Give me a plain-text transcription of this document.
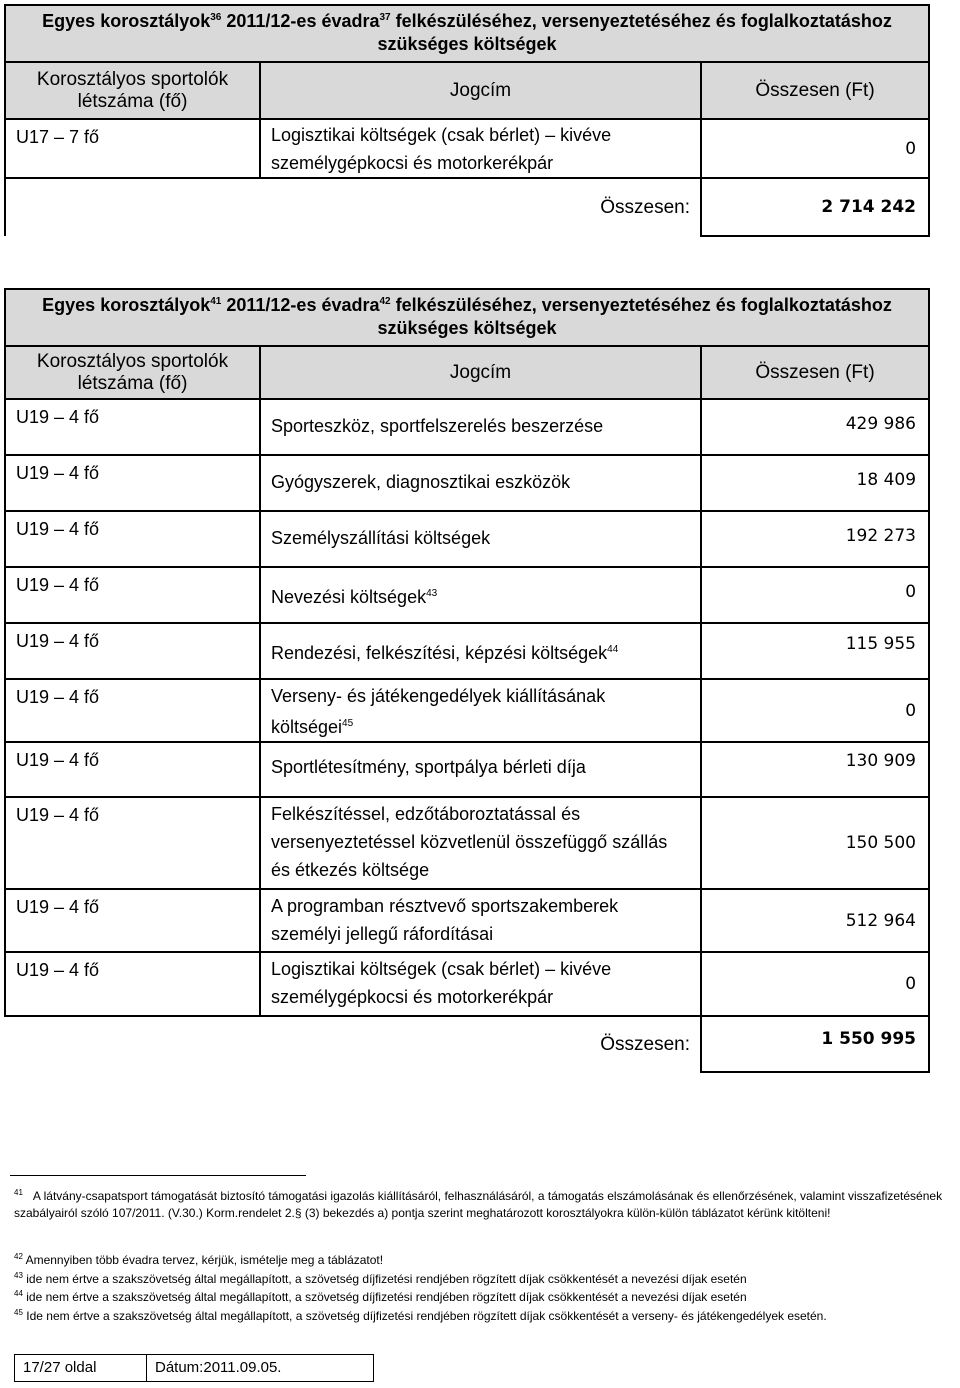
Egyes korosztályok$^{36}$ 2011/12-es évadra$^{37}$ felkészüléséhez, versenyeztetéséhez és foglalkoztatáshoz
szükséges költségek		
Korosztályos sportolók
létszáma (fő)	Jogcím	Összesen (Ft)
U17 – 7 fő	Logisztikai költségek (csak bérlet) – kivéve
személygépkocsi és motorkerékpár	0
	Összesen:	2 714 242
Egyes korosztályok$^{41}$ 2011/12-es évadra$^{42}$ felkészüléséhez, versenyeztetéséhez és foglalkoztatáshoz
szükséges költségek		
Korosztályos sportolók
létszáma (fő)	Jogcím	Összesen (Ft)
U19 – 4 fő	Sporteszköz, sportfelszerelés beszerzése	429 986
U19 – 4 fő	Gyógyszerek, diagnosztikai eszközök	18 409
U19 – 4 fő	Személyszállítási költségek	192 273
U19 – 4 fő	Nevezési költségek$^{43}$	0
U19 – 4 fő	Rendezési, felkészítési, képzési költségek$^{44}$	115 955
U19 – 4 fő	Verseny- és játékengedélyek kiállításának
költségei$^{45}$	0
U19 – 4 fő	Sportlétesítmény, sportpálya bérleti díja	130 909
U19 – 4 fő	Felkészítéssel, edzőtáboroztatással és
versenyeztetéssel közvetlenül összefüggő szállás
és étkezés költsége	150 500
U19 – 4 fő	A programban résztvevő sportszakemberek
személyi jellegű ráfordításai	512 964
U19 – 4 fő	Logisztikai költségek (csak bérlet) – kivéve
személygépkocsi és motorkerékpár	0
	Összesen:	1 550 995
$^{41}$ A látvány-csapatsport támogatását biztosító támogatási igazolás kiállításáról, felhasználásáról, a támogatás elszámolásának és ellenőrzésének, valamint visszafizetésének szabályairól szóló 107/2011. (V.30.) Korm.rendelet 2.§ (3) bekezdés a) pontja szerint meghatározott korosztályokra külön-külön táblázatot kérünk kitölteni!
$^{42}$ Amennyiben több évadra tervez, kérjük, ismételje meg a táblázatot!
$^{43}$ ide nem értve a szakszövetség által megállapított, a szövetség díjfizetési rendjében rögzített díjak csökkentését a nevezési díjak esetén
$^{44}$ ide nem értve a szakszövetség által megállapított, a szövetség díjfizetési rendjében rögzített díjak csökkentését a nevezési díjak esetén
$^{45}$ Ide nem értve a szakszövetség által megállapított, a szövetség díjfizetési rendjében rögzített díjak csökkentését a verseny- és játékengedélyek esetén.
17/27 oldal	Dátum:2011.09.05.
